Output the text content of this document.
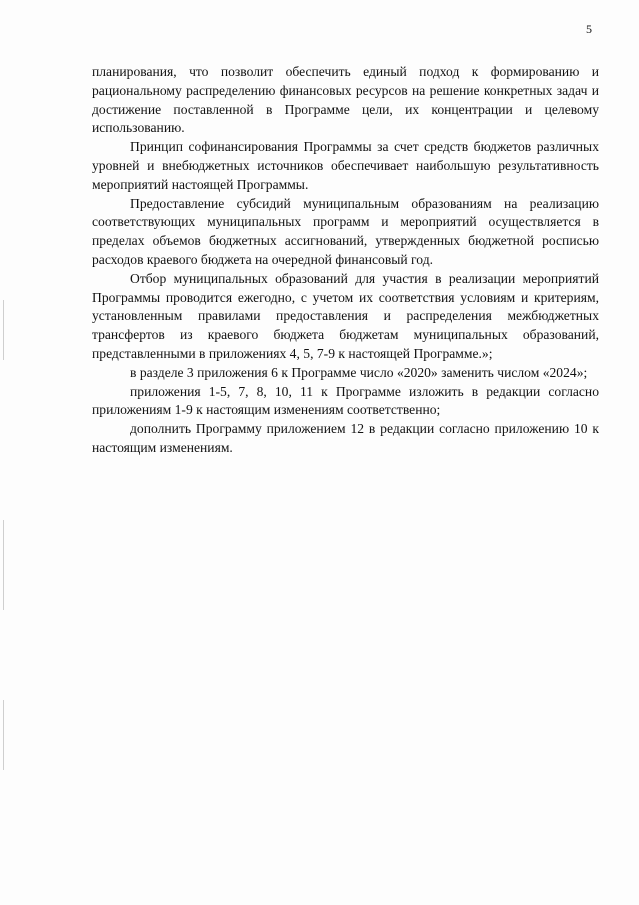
5

планирования, что позволит обеспечить единый подход к формированию и рациональному распределению финансовых ресурсов на решение конкретных задач и достижение поставленной в Программе цели, их концентрации и целевому использованию.

Принцип софинансирования Программы за счет средств бюджетов различных уровней и внебюджетных источников обеспечивает наибольшую результативность мероприятий настоящей Программы.

Предоставление субсидий муниципальным образованиям на реализацию соответствующих муниципальных программ и мероприятий осуществляется в пределах объемов бюджетных ассигнований, утвержденных бюджетной росписью расходов краевого бюджета на очередной финансовый год.

Отбор муниципальных образований для участия в реализации мероприятий Программы проводится ежегодно, с учетом их соответствия условиям и критериям, установленным правилами предоставления и распределения межбюджетных трансфертов из краевого бюджета бюджетам муниципальных образований, представленными в приложениях 4, 5, 7-9 к настоящей Программе.»;

в разделе 3 приложения 6 к Программе число «2020» заменить числом «2024»;

приложения 1-5, 7, 8, 10, 11 к Программе изложить в редакции согласно приложениям 1-9 к настоящим изменениям соответственно;

дополнить Программу приложением 12 в редакции согласно приложению 10 к настоящим изменениям.
